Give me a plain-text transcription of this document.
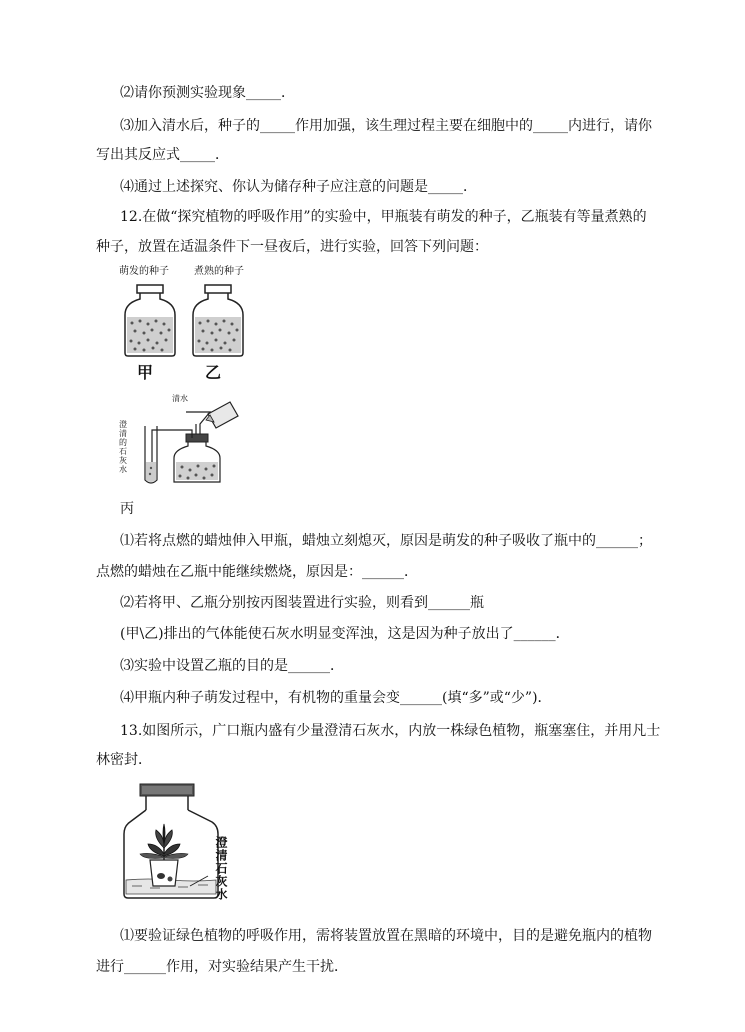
⑵请你预测实验现象_____．
⑶加入清水后，种子的_____作用加强，该生理过程主要在细胞中的_____内进行，请你
写出其反应式_____．
⑷通过上述探究、你认为储存种子应注意的问题是_____．
12.在做“探究植物的呼吸作用”的实验中，甲瓶装有萌发的种子，乙瓶装有等量煮熟的
种子，放置在适温条件下一昼夜后，进行实验，回答下列问题：
萌发的种子	煮熟的种子
甲	乙
清水
澄清的石灰水
丙
⑴若将点燃的蜡烛伸入甲瓶，蜡烛立刻熄灭，原因是萌发的种子吸收了瓶中的______；
点燃的蜡烛在乙瓶中能继续燃烧，原因是：______．
⑵若将甲、乙瓶分别按丙图装置进行实验，则看到______瓶
(甲\乙)排出的气体能使石灰水明显变浑浊，这是因为种子放出了______．
⑶实验中设置乙瓶的目的是______．
⑷甲瓶内种子萌发过程中，有机物的重量会变______(填“多”或“少”)．
13.如图所示，广口瓶内盛有少量澄清石灰水，内放一株绿色植物，瓶塞塞住，并用凡士
林密封．
澄清石灰水
⑴要验证绿色植物的呼吸作用，需将装置放置在黑暗的环境中，目的是避免瓶内的植物
进行______作用，对实验结果产生干扰．
